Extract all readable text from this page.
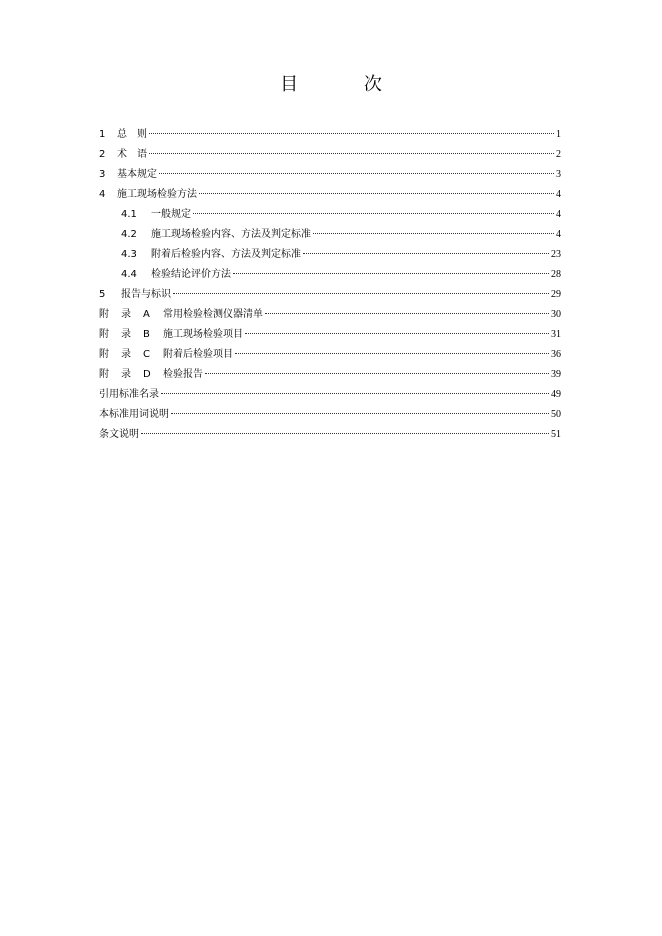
目 次
1	总　则	1
2	术　语	2
3	基本规定	3
4	施工现场检验方法	4
4.1	一般规定	4
4.2	施工现场检验内容、方法及判定标准	4
4.3	附着后检验内容、方法及判定标准	23
4.4	检验结论评价方法	28
5	报告与标识	29
附	录	A	常用检验检测仪器清单	30
附	录	B	施工现场检验项目	31
附	录	C	附着后检验项目	36
附	录	D	检验报告	39
引用标准名录	49
本标准用词说明	50
条文说明	51
